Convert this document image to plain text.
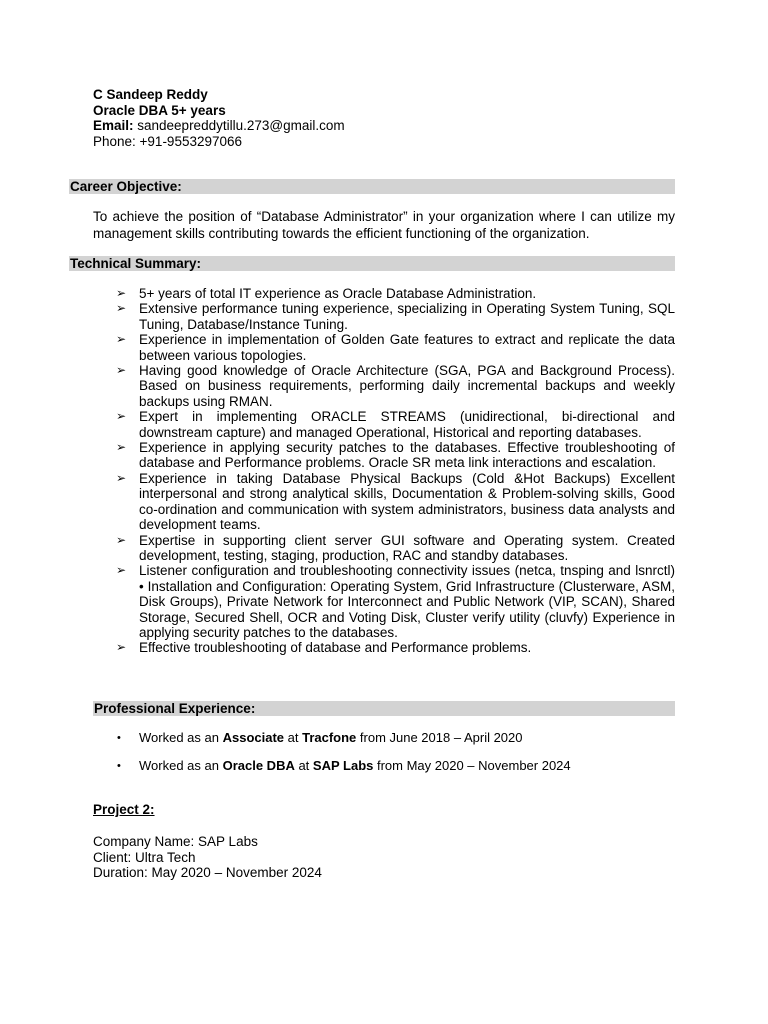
C Sandeep Reddy
Oracle DBA 5+ years
Email: sandeepreddytillu.273@gmail.com
Phone: +91-9553297066
Career Objective:
To achieve the position of “Database Administrator” in your organization where I can utilize my management skills contributing towards the efficient functioning of the organization.
Technical Summary:
➢ 5+ years of total IT experience as Oracle Database Administration.
➢ Extensive performance tuning experience, specializing in Operating System Tuning, SQL Tuning, Database/Instance Tuning.
➢ Experience in implementation of Golden Gate features to extract and replicate the data between various topologies.
➢ Having good knowledge of Oracle Architecture (SGA, PGA and Background Process). Based on business requirements, performing daily incremental backups and weekly backups using RMAN.
➢ Expert in implementing ORACLE STREAMS (unidirectional, bi-directional and downstream capture) and managed Operational, Historical and reporting databases.
➢ Experience in applying security patches to the databases. Effective troubleshooting of database and Performance problems. Oracle SR meta link interactions and escalation.
➢ Experience in taking Database Physical Backups (Cold &Hot Backups) Excellent interpersonal and strong analytical skills, Documentation & Problem-solving skills, Good co-ordination and communication with system administrators, business data analysts and development teams.
➢ Expertise in supporting client server GUI software and Operating system. Created development, testing, staging, production, RAC and standby databases.
➢ Listener configuration and troubleshooting connectivity issues (netca, tnsping and lsnrctl) • Installation and Configuration: Operating System, Grid Infrastructure (Clusterware, ASM, Disk Groups), Private Network for Interconnect and Public Network (VIP, SCAN), Shared Storage, Secured Shell, OCR and Voting Disk, Cluster verify utility (cluvfy) Experience in applying security patches to the databases.
➢ Effective troubleshooting of database and Performance problems.
Professional Experience:
• Worked as an Associate at Tracfone from June 2018 – April 2020
• Worked as an Oracle DBA at SAP Labs from May 2020 – November 2024
Project 2:
Company Name: SAP Labs
Client: Ultra Tech
Duration: May 2020 – November 2024
